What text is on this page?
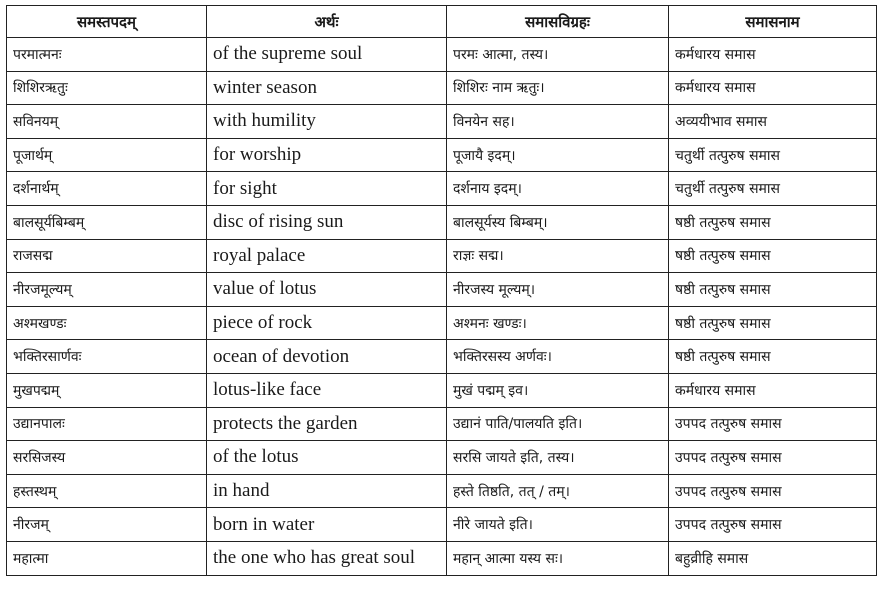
समस्तपदम्	अर्थः	समासविग्रहः	समासनाम
परमात्मनः	of the supreme soul	परमः आत्मा, तस्य।	कर्मधारय समास
शिशिरऋतुः	winter season	शिशिरः नाम ऋतुः।	कर्मधारय समास
सविनयम्	with humility	विनयेन सह।	अव्ययीभाव समास
पूजार्थम्	for worship	पूजायै इदम्।	चतुर्थी तत्पुरुष समास
दर्शनार्थम्	for sight	दर्शनाय इदम्।	चतुर्थी तत्पुरुष समास
बालसूर्यबिम्बम्	disc of rising sun	बालसूर्यस्य बिम्बम्।	षष्ठी तत्पुरुष समास
राजसद्म	royal palace	राज्ञः सद्म।	षष्ठी तत्पुरुष समास
नीरजमूल्यम्	value of lotus	नीरजस्य मूल्यम्।	षष्ठी तत्पुरुष समास
अश्मखण्डः	piece of rock	अश्मनः खण्डः।	षष्ठी तत्पुरुष समास
भक्तिरसार्णवः	ocean of devotion	भक्तिरसस्य अर्णवः।	षष्ठी तत्पुरुष समास
मुखपद्मम्	lotus-like face	मुखं पद्मम् इव।	कर्मधारय समास
उद्यानपालः	protects the garden	उद्यानं पाति/पालयति इति।	उपपद तत्पुरुष समास
सरसिजस्य	of the lotus	सरसि जायते इति, तस्य।	उपपद तत्पुरुष समास
हस्तस्थम्	in hand	हस्ते तिष्ठति, तत् / तम्।	उपपद तत्पुरुष समास
नीरजम्	born in water	नीरे जायते इति।	उपपद तत्पुरुष समास
महात्मा	the one who has great soul	महान् आत्मा यस्य सः।	बहुव्रीहि समास
